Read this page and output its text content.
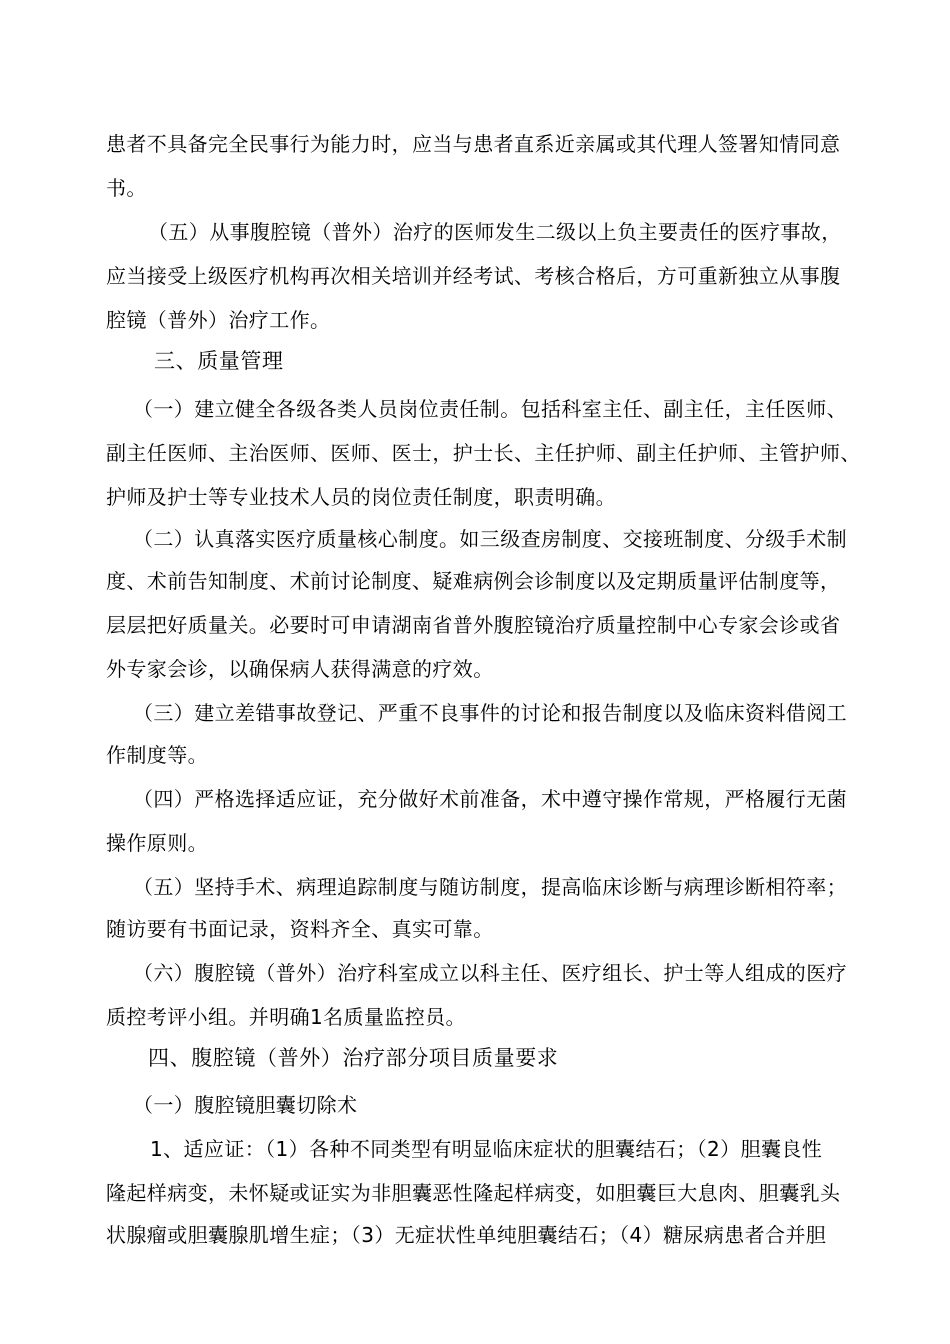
患者不具备完全民事行为能力时，应当与患者直系近亲属或其代理人签署知情同意
书。
（五）从事腹腔镜（普外）治疗的医师发生二级以上负主要责任的医疗事故，
应当接受上级医疗机构再次相关培训并经考试、考核合格后，方可重新独立从事腹
腔镜（普外）治疗工作。
三、质量管理
（一）建立健全各级各类人员岗位责任制。包括科室主任、副主任，主任医师、
副主任医师、主治医师、医师、医士，护士长、主任护师、副主任护师、主管护师、
护师及护士等专业技术人员的岗位责任制度，职责明确。
（二）认真落实医疗质量核心制度。如三级查房制度、交接班制度、分级手术制
度、术前告知制度、术前讨论制度、疑难病例会诊制度以及定期质量评估制度等，
层层把好质量关。必要时可申请湖南省普外腹腔镜治疗质量控制中心专家会诊或省
外专家会诊，以确保病人获得满意的疗效。
（三）建立差错事故登记、严重不良事件的讨论和报告制度以及临床资料借阅工
作制度等。
（四）严格选择适应证，充分做好术前准备，术中遵守操作常规，严格履行无菌
操作原则。
（五）坚持手术、病理追踪制度与随访制度，提高临床诊断与病理诊断相符率；
随访要有书面记录，资料齐全、真实可靠。
（六）腹腔镜（普外）治疗科室成立以科主任、医疗组长、护士等人组成的医疗
质控考评小组。并明确1名质量监控员。
四、腹腔镜（普外）治疗部分项目质量要求
（一）腹腔镜胆囊切除术
1、适应证：（1）各种不同类型有明显临床症状的胆囊结石；（2）胆囊良性
隆起样病变，未怀疑或证实为非胆囊恶性隆起样病变，如胆囊巨大息肉、胆囊乳头
状腺瘤或胆囊腺肌增生症；（3）无症状性单纯胆囊结石；（4）糖尿病患者合并胆
